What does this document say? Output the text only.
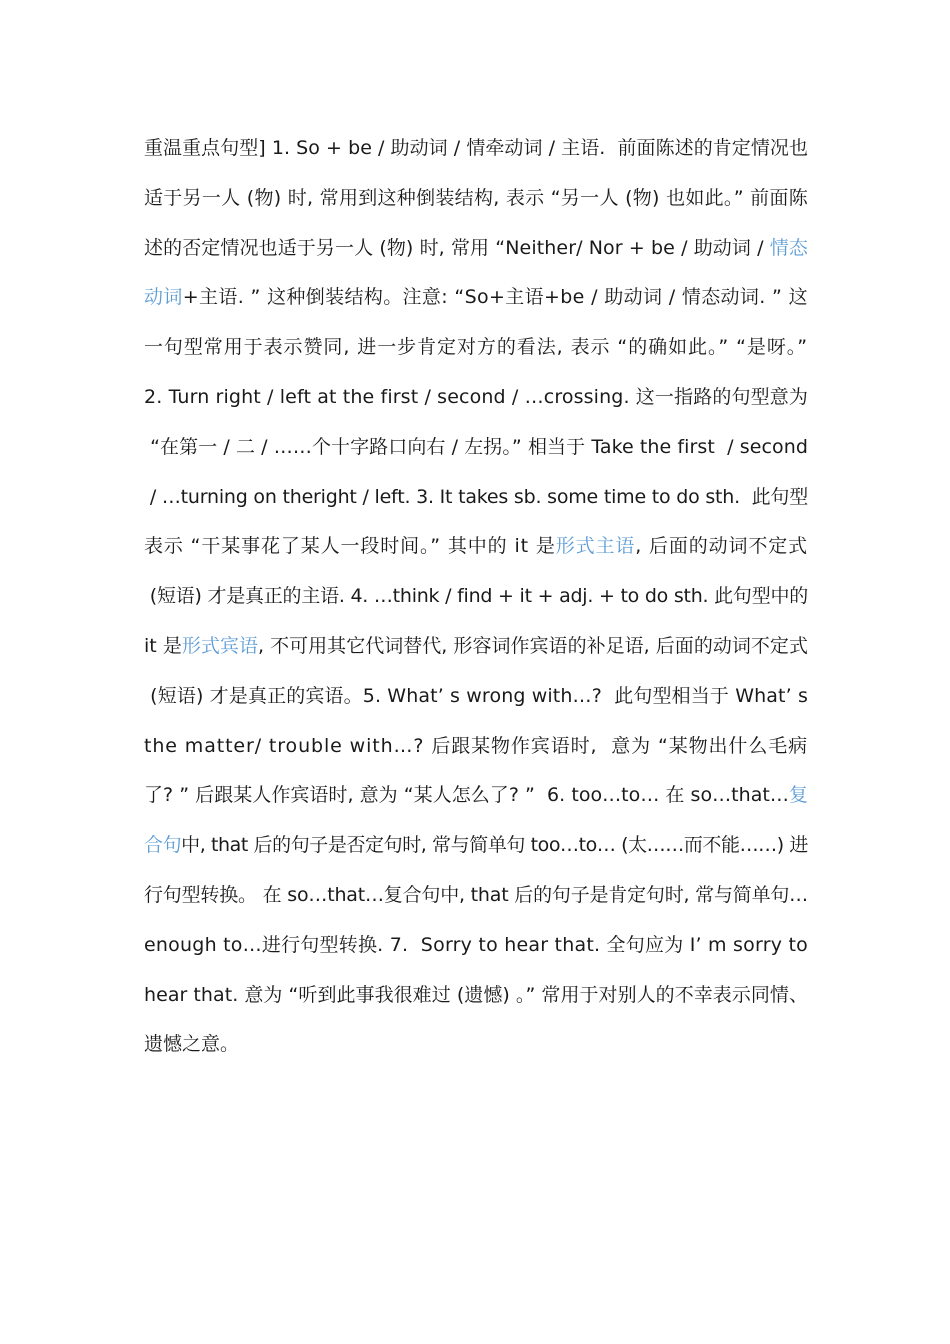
重温重点句型] 1. So + be / 助动词 / 情牵动词 / 主语.  前面陈述的肯定情况也
适于另一人 (物) 时, 常用到这种倒装结构, 表示 “另一人 (物) 也如此。” 前面陈
述的否定情况也适于另一人 (物) 时, 常用 “Neither/ Nor + be / 助动词 / 情态
动词 +主语. ” 这种倒装结构。注意: “So+主语+be / 助动词 / 情态动词. ” 这
一句型常用于表示赞同, 进一步肯定对方的看法, 表示 “的确如此。” “是呀。”
2. Turn right / left at the first / second / …crossing. 这一指路的句型意为
“在第一 / 二 / ……个十字路口向右 / 左拐。” 相当于 Take the first  / second
/ …turning on theright / left. 3. It takes sb. some time to do sth.  此句型
表示 “干某事花了某人一段时间。” 其中的 it 是 形式主语 , 后面的动词不定式
(短语) 才是真正的主语. 4. …think / find + it + adj. + to do sth. 此句型中的
it 是 形式宾语 , 不可用其它代词替代, 形容词作宾语的补足语, 后面的动词不定式
(短语) 才是真正的宾语。5. What’ s wrong with…?  此句型相当于 What’ s
the matter/ trouble with…? 后跟某物作宾语时,  意为 “某物出什么毛病
了? ” 后跟某人作宾语时, 意为 “某人怎么了? ”  6. too…to… 在 so…that… 复
合句 中, that 后的句子是否定句时, 常与简单句 too…to… (太……而不能……) 进
行句型转换。 在 so…that…复合句中, that 后的句子是肯定句时, 常与简单句…
enough to…进行句型转换. 7.  Sorry to hear that. 全句应为 I’ m sorry to
hear that. 意为 “听到此事我很难过 (遗憾) 。” 常用于对别人的不幸表示同情、
遗憾之意。
